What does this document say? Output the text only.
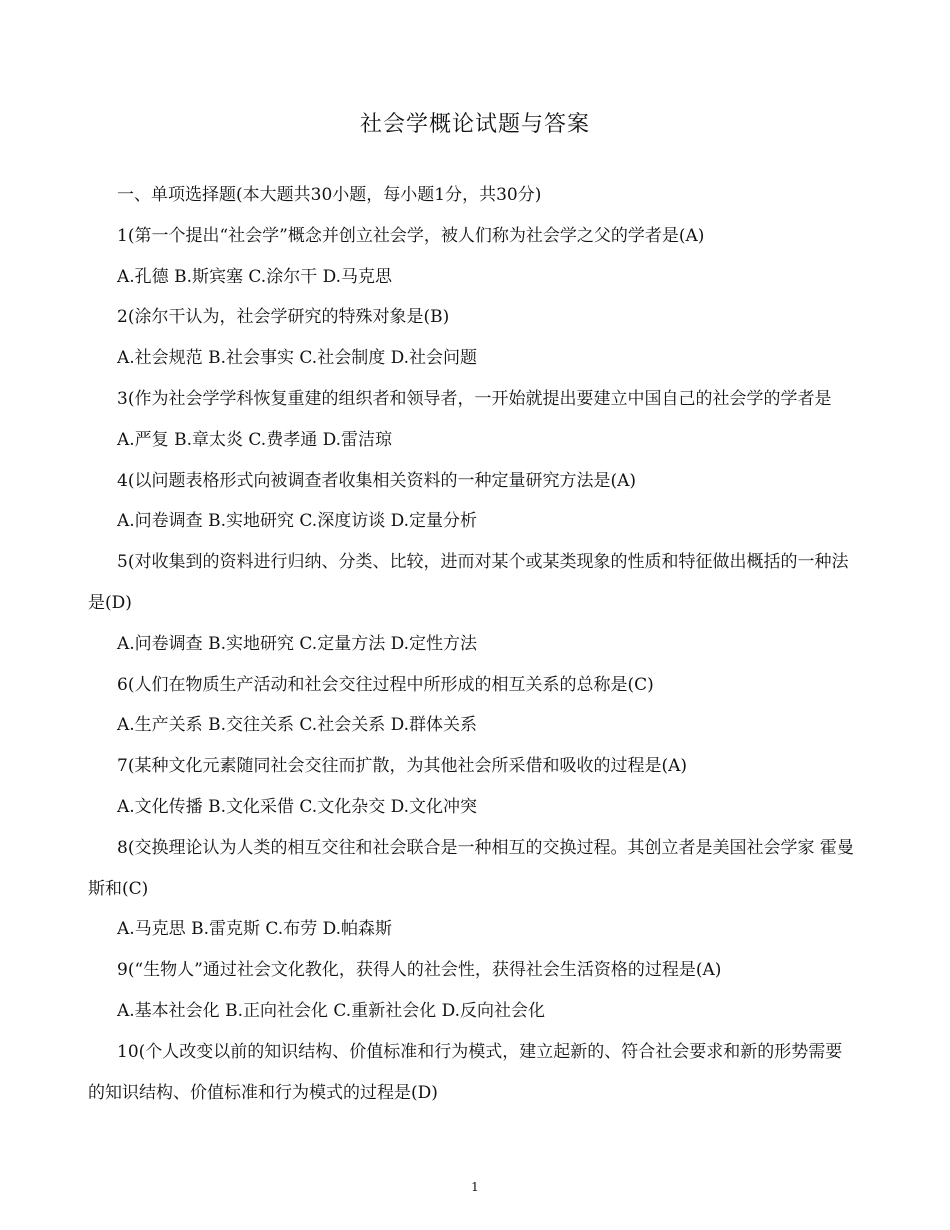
社会学概论试题与答案

一、单项选择题(本大题共30小题，每小题1分，共30分)

1(第一个提出“社会学”概念并创立社会学，被人们称为社会学之父的学者是(A)

A.孔德 B.斯宾塞 C.涂尔干 D.马克思

2(涂尔干认为，社会学研究的特殊对象是(B)

A.社会规范 B.社会事实 C.社会制度 D.社会问题

3(作为社会学学科恢复重建的组织者和领导者，一开始就提出要建立中国自己的社会学的学者是

A.严复 B.章太炎 C.费孝通 D.雷洁琼

4(以问题表格形式向被调查者收集相关资料的一种定量研究方法是(A)

A.问卷调查 B.实地研究 C.深度访谈 D.定量分析

5(对收集到的资料进行归纳、分类、比较，进而对某个或某类现象的性质和特征做出概括的一种法是(D)

A.问卷调查 B.实地研究 C.定量方法 D.定性方法

6(人们在物质生产活动和社会交往过程中所形成的相互关系的总称是(C)

A.生产关系 B.交往关系 C.社会关系 D.群体关系

7(某种文化元素随同社会交往而扩散，为其他社会所采借和吸收的过程是(A)

A.文化传播 B.文化采借 C.文化杂交 D.文化冲突

8(交换理论认为人类的相互交往和社会联合是一种相互的交换过程。其创立者是美国社会学家 霍曼斯和(C)

A.马克思 B.雷克斯 C.布劳 D.帕森斯

9(“生物人”通过社会文化教化，获得人的社会性，获得社会生活资格的过程是(A)

A.基本社会化 B.正向社会化 C.重新社会化 D.反向社会化

10(个人改变以前的知识结构、价值标准和行为模式，建立起新的、符合社会要求和新的形势需要的知识结构、价值标准和行为模式的过程是(D)

1
